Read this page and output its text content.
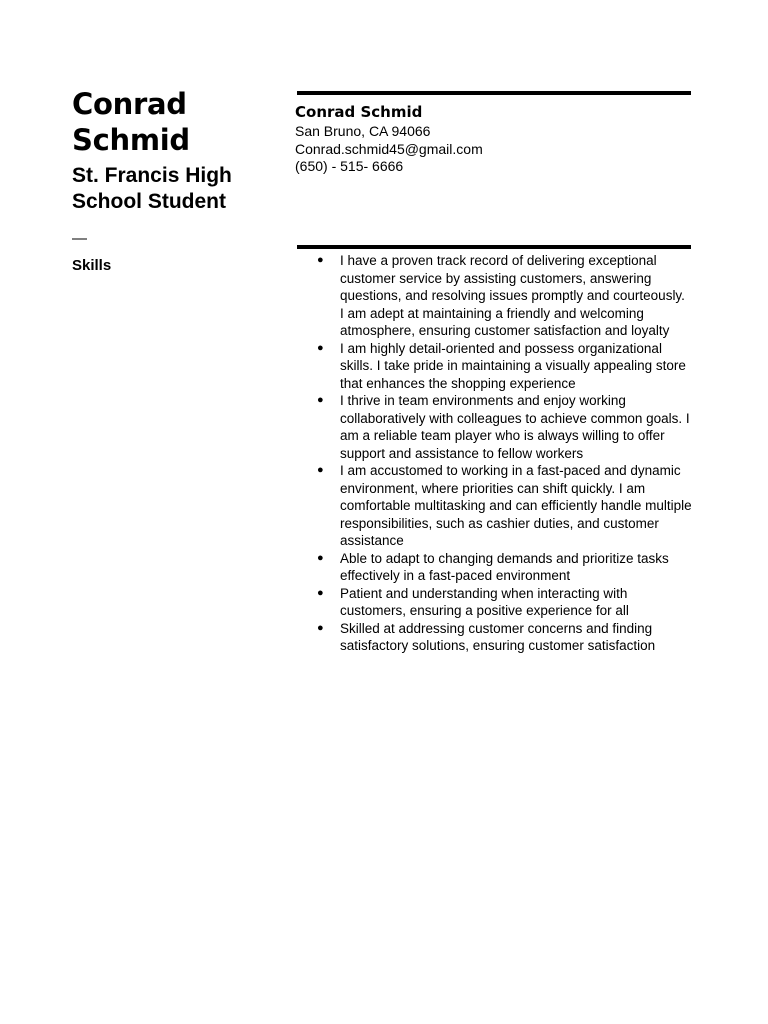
Conrad Schmid
St. Francis High School Student
—
Skills
Conrad Schmid
San Bruno, CA 94066
Conrad.schmid45@gmail.com
(650) - 515- 6666
● I have a proven track record of delivering exceptional customer service by assisting customers, answering questions, and resolving issues promptly and courteously. I am adept at maintaining a friendly and welcoming atmosphere, ensuring customer satisfaction and loyalty
● I am highly detail-oriented and possess organizational skills. I take pride in maintaining a visually appealing store that enhances the shopping experience
● I thrive in team environments and enjoy working collaboratively with colleagues to achieve common goals. I am a reliable team player who is always willing to offer support and assistance to fellow workers
● I am accustomed to working in a fast-paced and dynamic environment, where priorities can shift quickly. I am comfortable multitasking and can efficiently handle multiple responsibilities, such as cashier duties, and customer assistance
● Able to adapt to changing demands and prioritize tasks effectively in a fast-paced environment
● Patient and understanding when interacting with customers, ensuring a positive experience for all
● Skilled at addressing customer concerns and finding satisfactory solutions, ensuring customer satisfaction
